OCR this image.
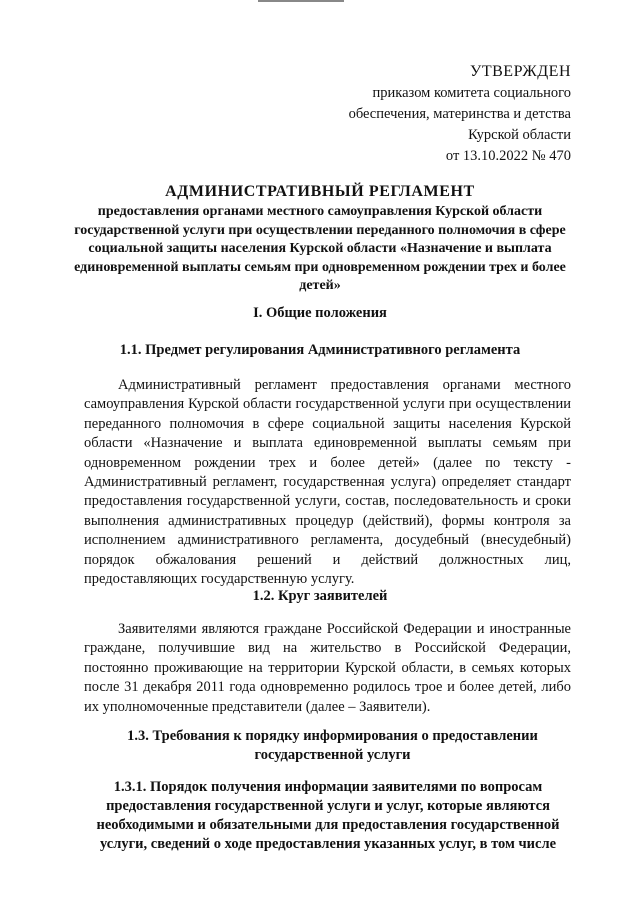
УТВЕРЖДЕН
приказом комитета социального
обеспечения, материнства и детства
Курской области
от 13.10.2022 № 470
АДМИНИСТРАТИВНЫЙ РЕГЛАМЕНТ
предоставления органами местного самоуправления Курской области государственной услуги при осуществлении переданного полномочия в сфере социальной защиты населения Курской области «Назначение и выплата единовременной выплаты семьям при одновременном рождении трех и более детей»
I. Общие положения
1.1. Предмет регулирования Административного регламента
Административный регламент предоставления органами местного самоуправления Курской области государственной услуги при осуществлении переданного полномочия в сфере социальной защиты населения Курской области «Назначение и выплата единовременной выплаты семьям при одновременном рождении трех и более детей» (далее по тексту - Административный регламент, государственная услуга) определяет стандарт предоставления государственной услуги, состав, последовательность и сроки выполнения административных процедур (действий), формы контроля за исполнением административного регламента, досудебный (внесудебный) порядок обжалования решений и действий должностных лиц, предоставляющих государственную услугу.
1.2. Круг заявителей
Заявителями являются граждане Российской Федерации и иностранные граждане, получившие вид на жительство в Российской Федерации, постоянно проживающие на территории Курской области, в семьях которых после 31 декабря 2011 года одновременно родилось трое и более детей, либо их уполномоченные представители (далее – Заявители).
1.3. Требования к порядку информирования о предоставлении государственной услуги
1.3.1. Порядок получения информации заявителями по вопросам предоставления государственной услуги и услуг, которые являются необходимыми и обязательными для предоставления государственной услуги, сведений о ходе предоставления указанных услуг, в том числе
